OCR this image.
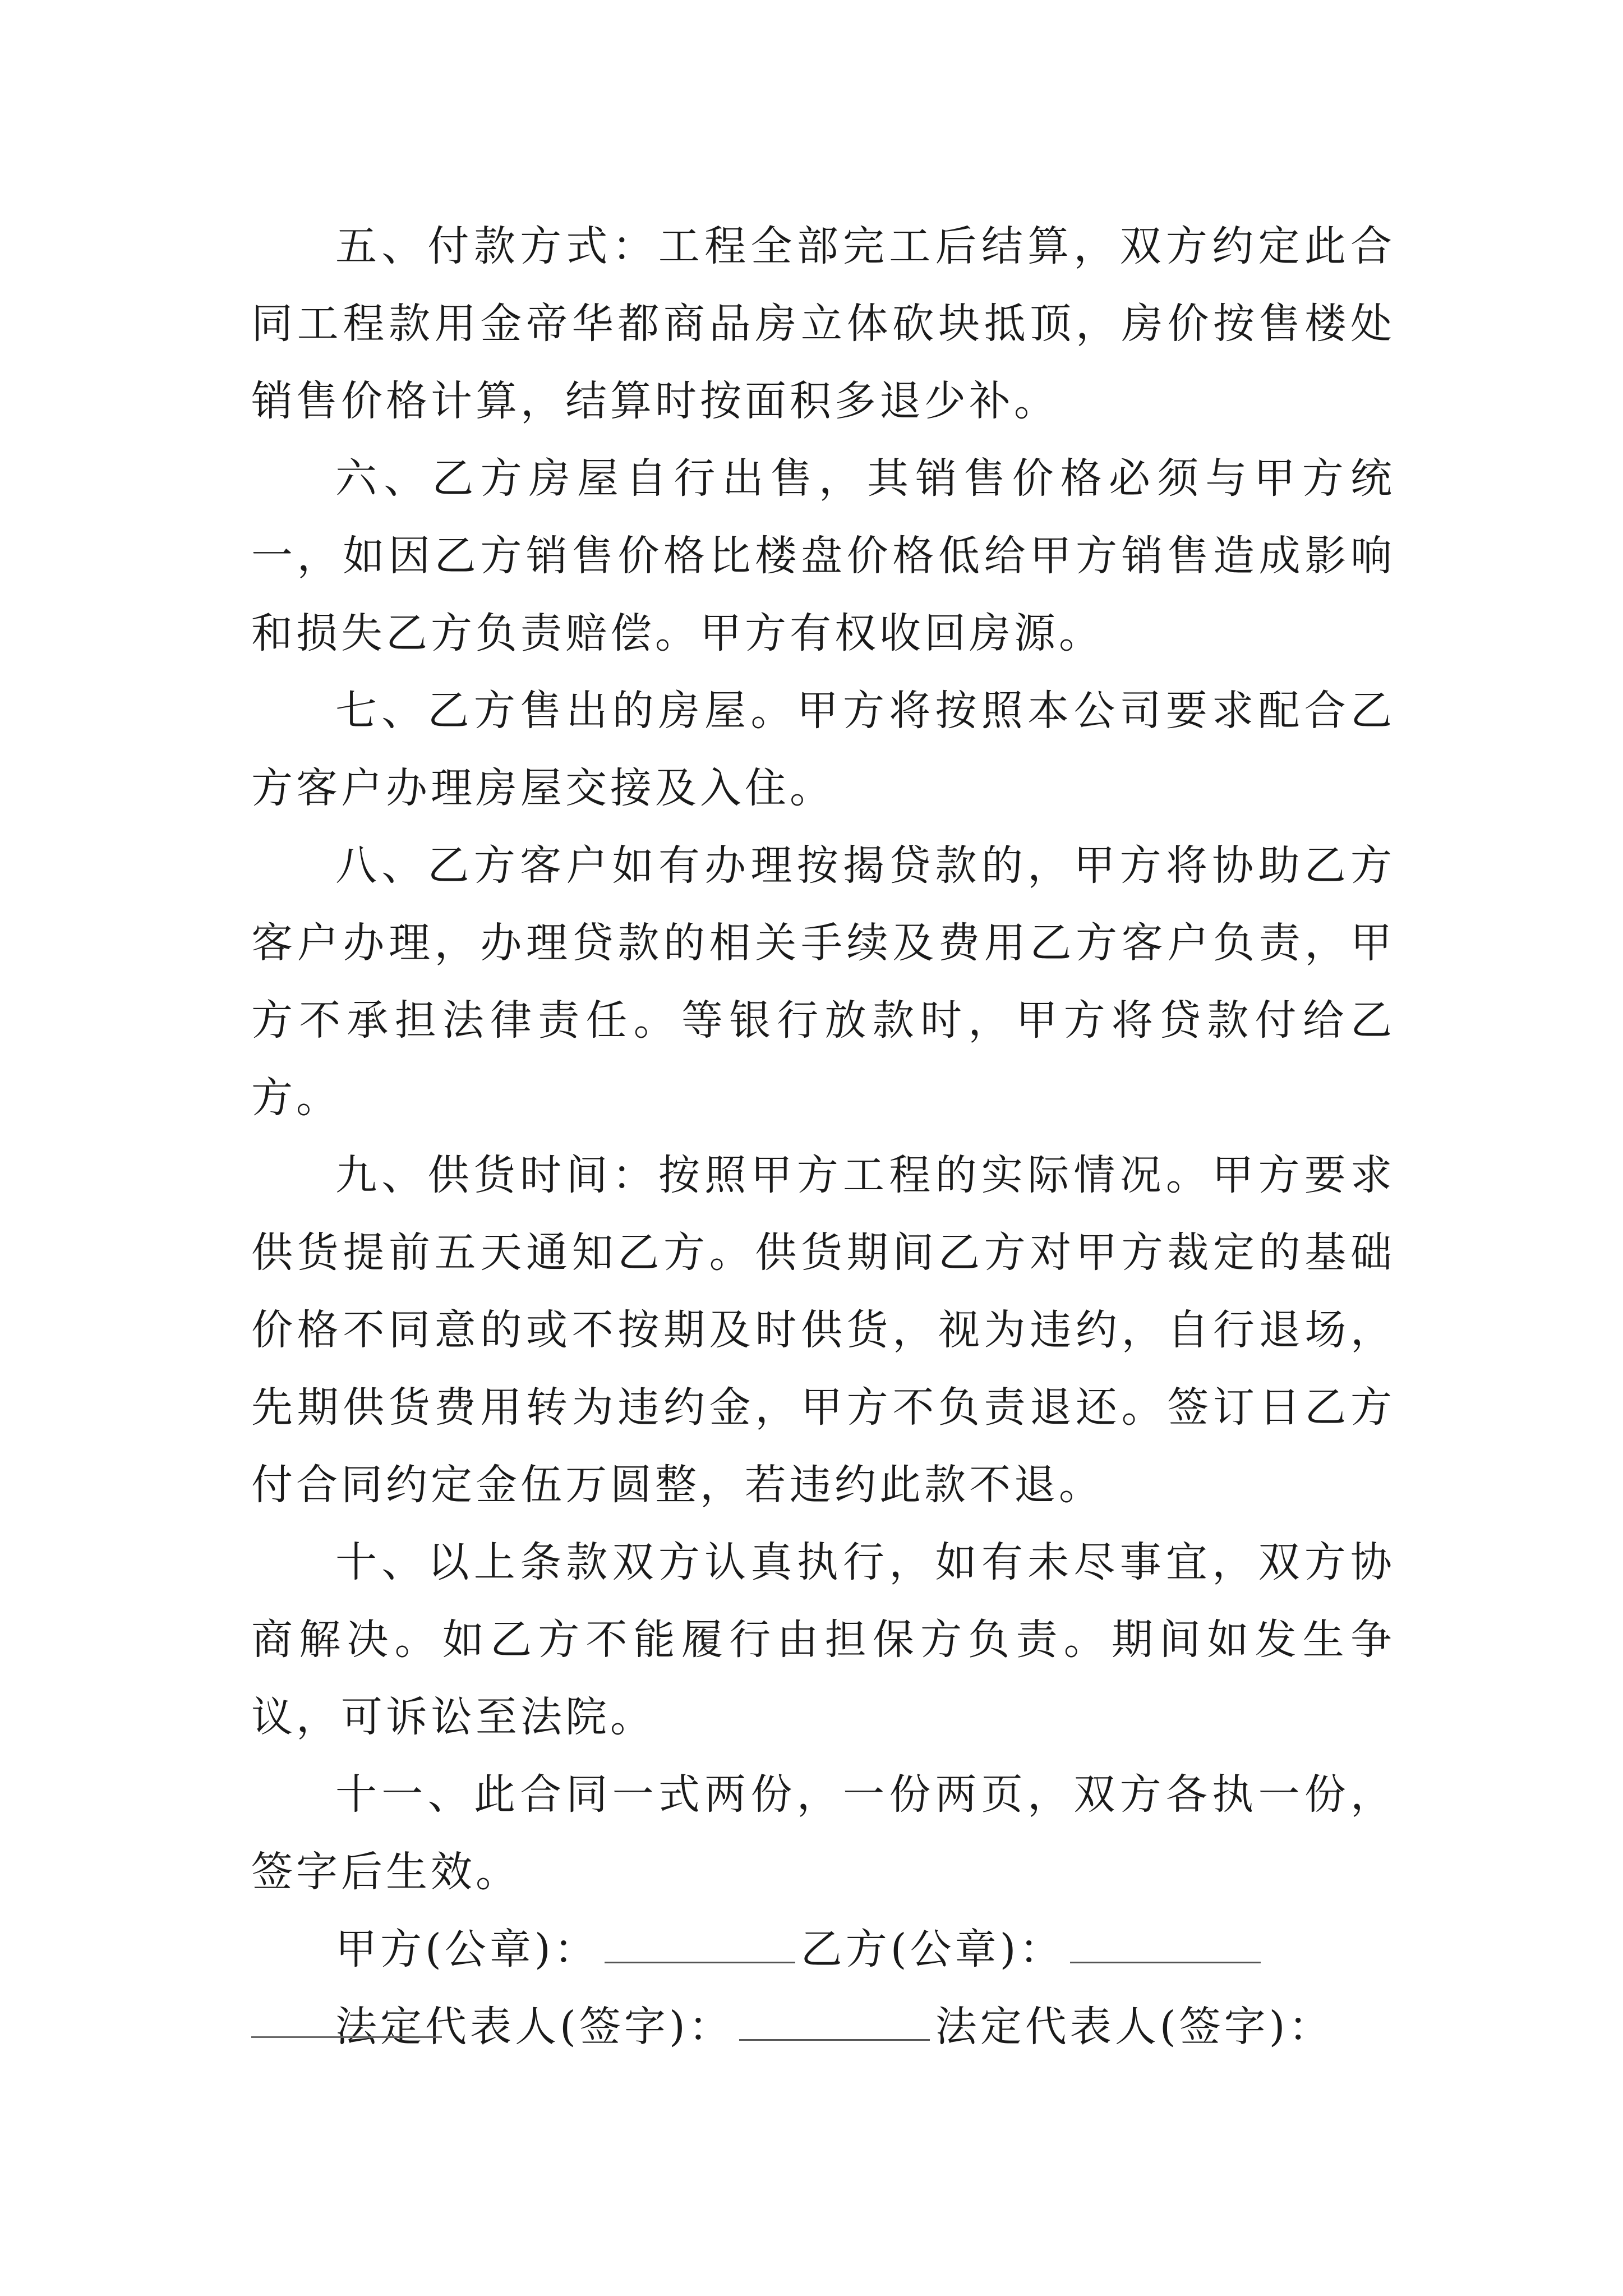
五、付款方式：工程全部完工后结算，双方约定此合同工程款用金帝华都商品房立体砍块抵顶，房价按售楼处销售价格计算，结算时按面积多退少补。

六、乙方房屋自行出售，其销售价格必须与甲方统一，如因乙方销售价格比楼盘价格低给甲方销售造成影响和损失乙方负责赔偿。甲方有权收回房源。

七、乙方售出的房屋。甲方将按照本公司要求配合乙方客户办理房屋交接及入住。

八、乙方客户如有办理按揭贷款的，甲方将协助乙方客户办理，办理贷款的相关手续及费用乙方客户负责，甲方不承担法律责任。等银行放款时，甲方将贷款付给乙方。

九、供货时间：按照甲方工程的实际情况。甲方要求供货提前五天通知乙方。供货期间乙方对甲方裁定的基础价格不同意的或不按期及时供货，视为违约，自行退场，先期供货费用转为违约金，甲方不负责退还。签订日乙方付合同约定金伍万圆整，若违约此款不退。

十、以上条款双方认真执行，如有未尽事宜，双方协商解决。如乙方不能履行由担保方负责。期间如发生争议，可诉讼至法院。

十一、此合同一式两份，一份两页，双方各执一份，签字后生效。

甲方(公章)：	乙方(公章)：

法定代表人(签字)：	法定代表人(签字)：
